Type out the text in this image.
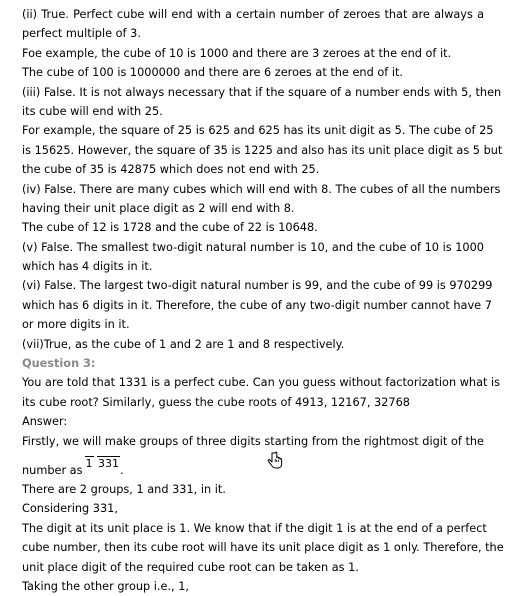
(ii) True. Perfect cube will end with a certain number of zeroes that are always a
perfect multiple of 3.
Foe example, the cube of 10 is 1000 and there are 3 zeroes at the end of it.
The cube of 100 is 1000000 and there are 6 zeroes at the end of it.
(iii) False. It is not always necessary that if the square of a number ends with 5, then
its cube will end with 25.
For example, the square of 25 is 625 and 625 has its unit digit as 5. The cube of 25
is 15625. However, the square of 35 is 1225 and also has its unit place digit as 5 but
the cube of 35 is 42875 which does not end with 25.
(iv) False. There are many cubes which will end with 8. The cubes of all the numbers
having their unit place digit as 2 will end with 8.
The cube of 12 is 1728 and the cube of 22 is 10648.
(v) False. The smallest two-digit natural number is 10, and the cube of 10 is 1000
which has 4 digits in it.
(vi) False. The largest two-digit natural number is 99, and the cube of 99 is 970299
which has 6 digits in it. Therefore, the cube of any two-digit number cannot have 7
or more digits in it.
(vii)True, as the cube of 1 and 2 are 1 and 8 respectively.
Question 3:
You are told that 1331 is a perfect cube. Can you guess without factorization what is
its cube root? Similarly, guess the cube roots of 4913, 12167, 32768
Answer:
Firstly, we will make groups of three digits starting from the rightmost digit of the
number as1 331.
There are 2 groups, 1 and 331, in it.
Considering 331,
The digit at its unit place is 1. We know that if the digit 1 is at the end of a perfect
cube number, then its cube root will have its unit place digit as 1 only. Therefore, the
unit place digit of the required cube root can be taken as 1.
Taking the other group i.e., 1,
